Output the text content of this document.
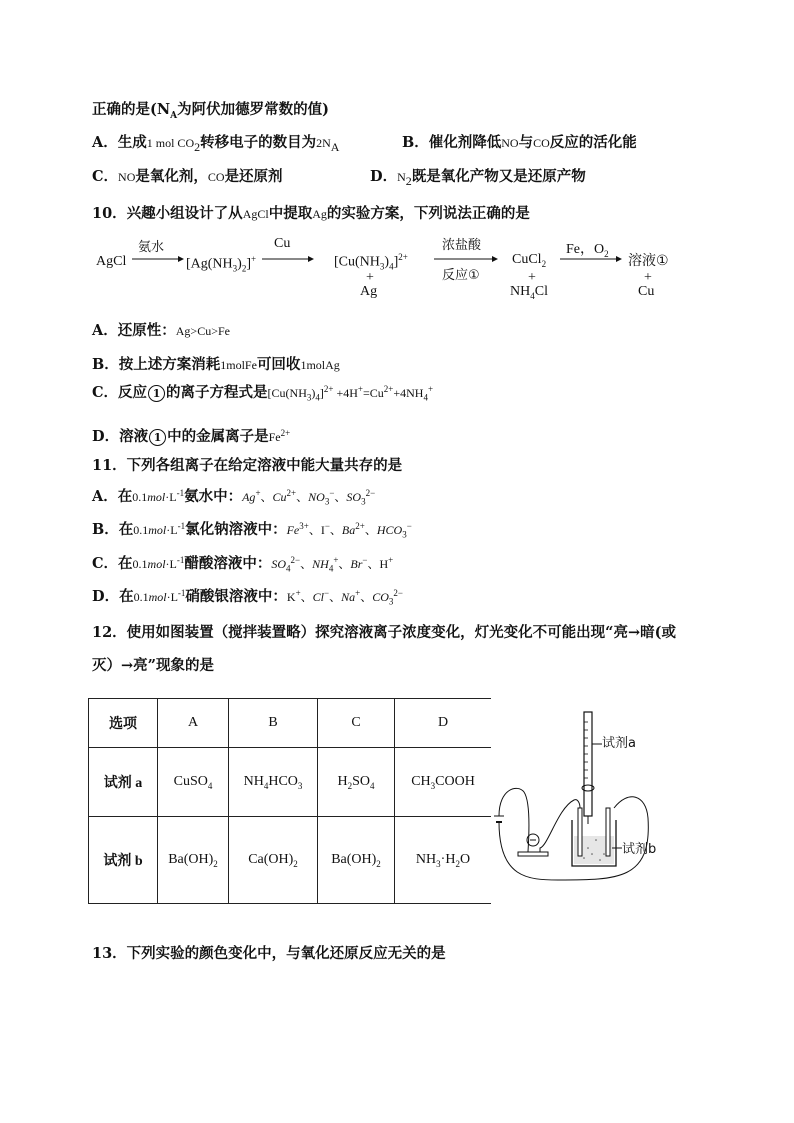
正确的是($N_A$为阿伏加德罗常数的值)
A．生成1 mol $CO_2$转移电子的数目为$2N_A$	B．催化剂降低NO与CO反应的活化能
C．NO是氧化剂，CO是还原剂	D．$N_2$既是氧化产物又是还原产物
10．兴趣小组设计了从AgCl中提取Ag的实验方案，下列说法正确的是
AgCl
氨水
$[Ag(NH_3)_2]^+$
Cu
$[Cu(NH_3)_4]^{2+}$
+
Ag
浓盐酸
反应①
CuCl$_2$
+
$NH_4Cl$
Fe，$O_2$ 溶液①
+
Cu
A．还原性：Ag>Cu>Fe
B．按上述方案消耗1molFe可回收1molAg
C．反应 1 的离子方程式是$[Cu(NH_3)_4]^{2+} +4H^+=Cu^{2+}+4NH_4^+$
D．溶液 1 中的金属离子是$Fe^{2+}$
11．下列各组离子在给定溶液中能大量共存的是
A．在$0.1mol\cdot L^{-1}$氨水中：Ag+、$Cu^{2+}$、$NO_3^-$、$SO_3^{2-}$
B．在$0.1mol\cdot L^{-1}$氯化钠溶液中：$Fe^{3+}$、I−、$Ba^{2+}$、$HCO_3^-$
C．在$0.1mol\cdot L^{-1}$醋酸溶液中：$SO_4^{2-}$、$NH_4^+$、Br−、H+
D．在$0.1mol\cdot L^{-1}$硝酸银溶液中：K+、Cl−、Na+、$CO_3^{2-}$
12．使用如图装置（搅拌装置略）探究溶液离子浓度变化，灯光变化不可能出现“亮→暗(或
灭）→亮”现象的是
选项	A	B	C	D
试剂 a	CuSO$_4$	$NH_4HCO_3$	$H_2SO_4$	$CH_3COOH$
试剂 b	$Ba(OH)_2$	$Ca(OH)_2$	$Ba(OH)_2$	$NH_3\cdot H_2O$
试剂a
试剂b
13．下列实验的颜色变化中，与氧化还原反应无关的是
